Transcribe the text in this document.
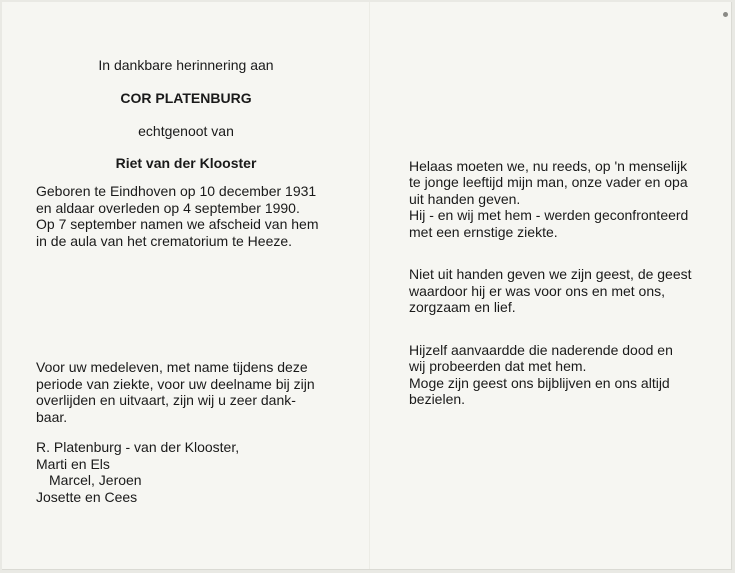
In dankbare herinnering aan
COR PLATENBURG
echtgenoot van
Riet van der Klooster
Geboren te Eindhoven op 10 december 1931
en aldaar overleden op 4 september 1990.
Op 7 september namen we afscheid van hem
in de aula van het crematorium te Heeze.
Voor uw medeleven, met name tijdens deze
periode van ziekte, voor uw deelname bij zijn
overlijden en uitvaart, zijn wij u zeer dank-
baar.
R. Platenburg - van der Klooster,
Marti en Els
Marcel, Jeroen
Josette en Cees
Helaas moeten we, nu reeds, op 'n menselijk
te jonge leeftijd mijn man, onze vader en opa
uit handen geven.
Hij - en wij met hem - werden geconfronteerd
met een ernstige ziekte.
Niet uit handen geven we zijn geest, de geest
waardoor hij er was voor ons en met ons,
zorgzaam en lief.
Hijzelf aanvaardde die naderende dood en
wij probeerden dat met hem.
Moge zijn geest ons bijblijven en ons altijd
bezielen.
